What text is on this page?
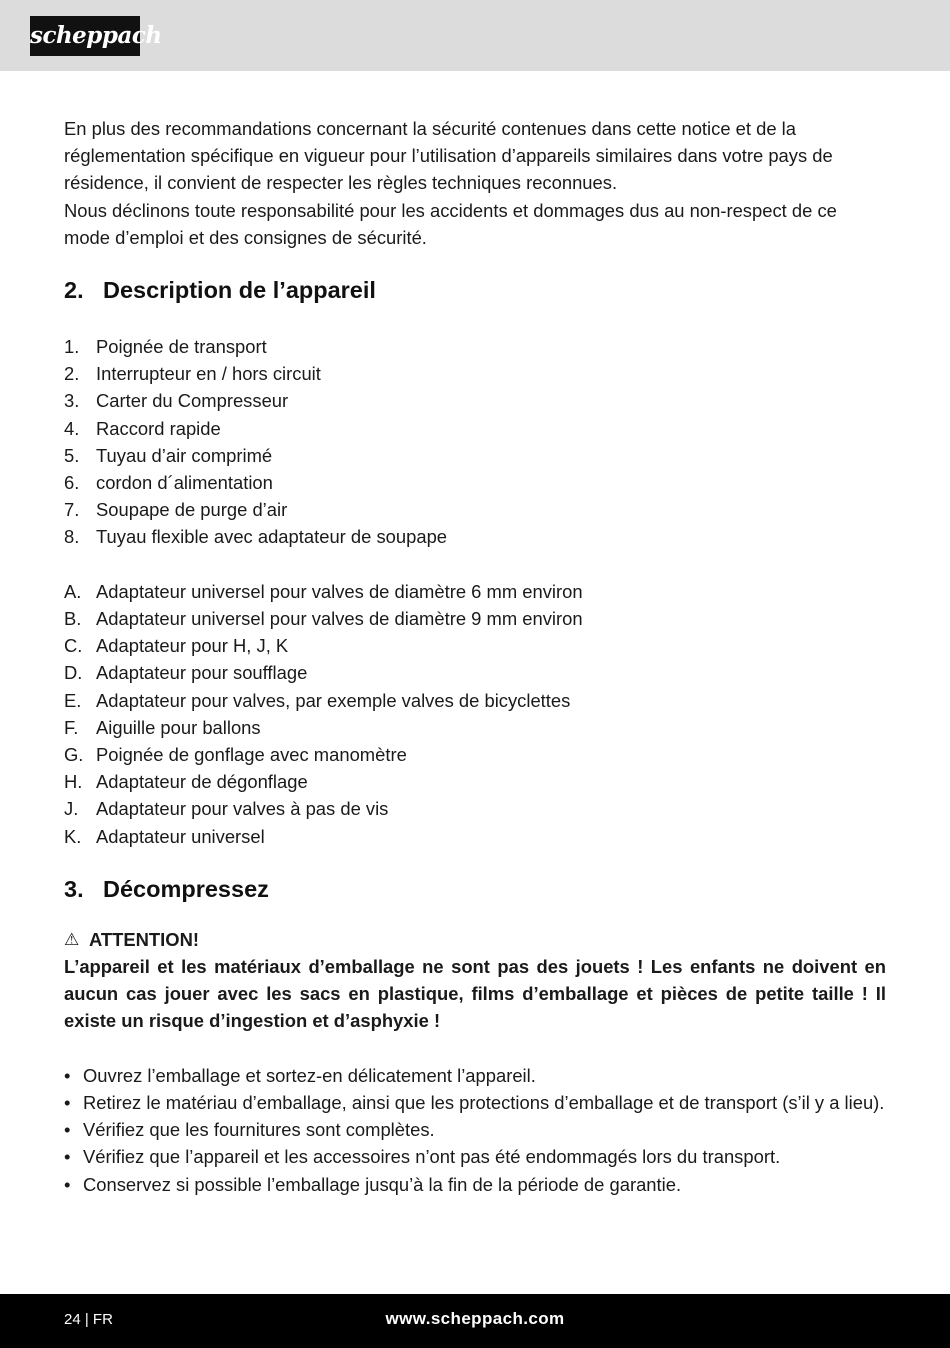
scheppach

En plus des recommandations concernant la sécurité contenues dans cette notice et de la réglementation spécifique en vigueur pour l’utilisation d’appareils similaires dans votre pays de résidence, il convient de respecter les règles techniques reconnues.

Nous déclinons toute responsabilité pour les accidents et dommages dus au non-respect de ce mode d’emploi et des consignes de sécurité.

2. Description de l’appareil
1. Poignée de transport
2. Interrupteur en / hors circuit
3. Carter du Compresseur
4. Raccord rapide
5. Tuyau d’air comprimé
6. cordon d´alimentation
7. Soupape de purge d’air
8. Tuyau flexible avec adaptateur de soupape
A. Adaptateur universel pour valves de diamètre 6 mm environ
B. Adaptateur universel pour valves de diamètre 9 mm environ
C. Adaptateur pour H, J, K
D. Adaptateur pour soufflage
E. Adaptateur pour valves, par exemple valves de bicyclettes
F. Aiguille pour ballons
G. Poignée de gonflage avec manomètre
H. Adaptateur de dégonflage
J. Adaptateur pour valves à pas de vis
K. Adaptateur universel
3. Décompressez
⚠ ATTENTION!

L’appareil et les matériaux d’emballage ne sont pas des jouets ! Les enfants ne doivent en aucun cas jouer avec les sacs en plastique, films d’emballage et pièces de petite taille ! Il existe un risque d’ingestion et d’asphyxie !

• Ouvrez l’emballage et sortez-en délicatement l’appareil.
• Retirez le matériau d’emballage, ainsi que les protections d’emballage et de transport (s’il y a lieu).
• Vérifiez que les fournitures sont complètes.
• Vérifiez que l’appareil et les accessoires n’ont pas été endommagés lors du transport.
• Conservez si possible l’emballage jusqu’à la fin de la période de garantie.
24 | FR	www.scheppach.com
